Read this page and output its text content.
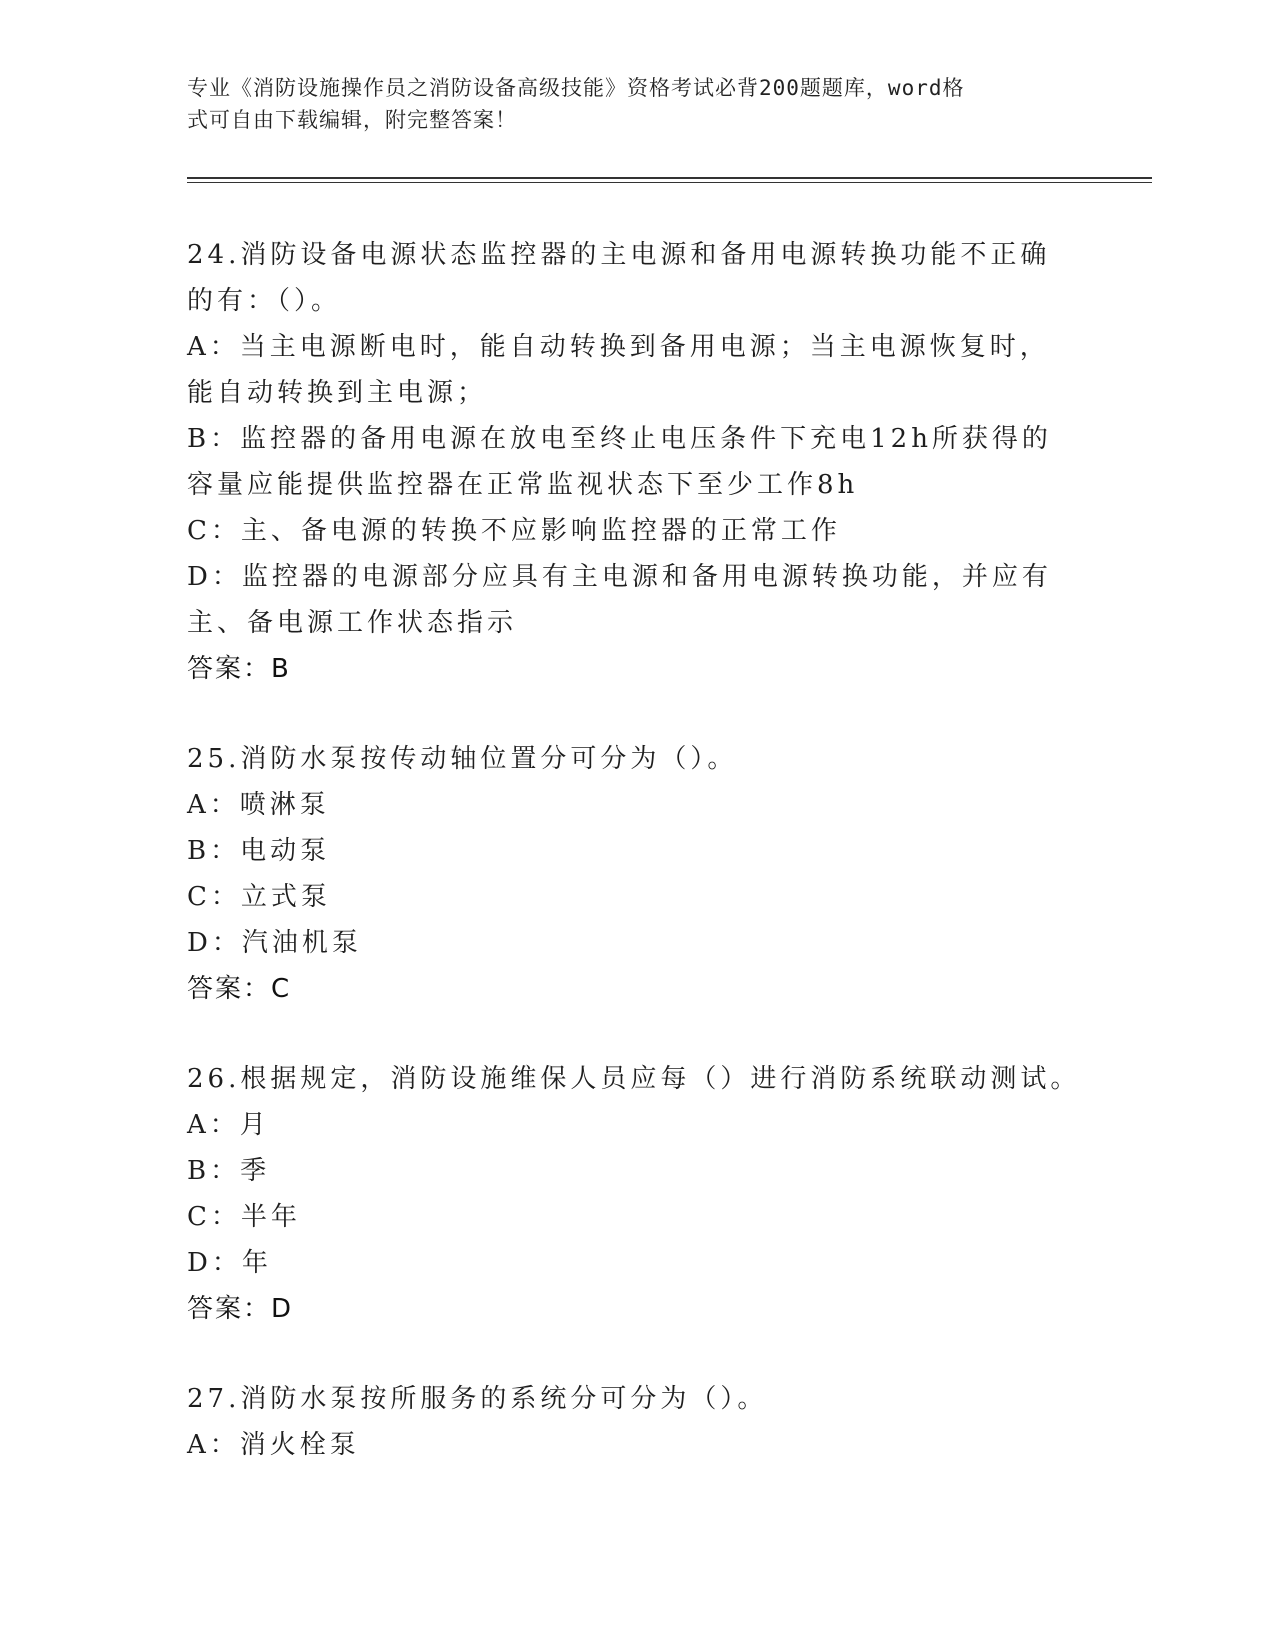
专业《消防设施操作员之消防设备高级技能》资格考试必背200题题库，word格
式可自由下载编辑，附完整答案！
24.消防设备电源状态监控器的主电源和备用电源转换功能不正确的有：（）。
A：当主电源断电时，能自动转换到备用电源；当主电源恢复时，能自动转换到主电源；
B：监控器的备用电源在放电至终止电压条件下充电12h所获得的容量应能提供监控器在正常监视状态下至少工作8h
C：主、备电源的转换不应影响监控器的正常工作
D：监控器的电源部分应具有主电源和备用电源转换功能，并应有主、备电源工作状态指示
答案：B
25.消防水泵按传动轴位置分可分为（）。
A：喷淋泵
B：电动泵
C：立式泵
D：汽油机泵
答案：C
26.根据规定，消防设施维保人员应每（）进行消防系统联动测试。
A：月
B：季
C：半年
D：年
答案：D
27.消防水泵按所服务的系统分可分为（）。
A：消火栓泵
